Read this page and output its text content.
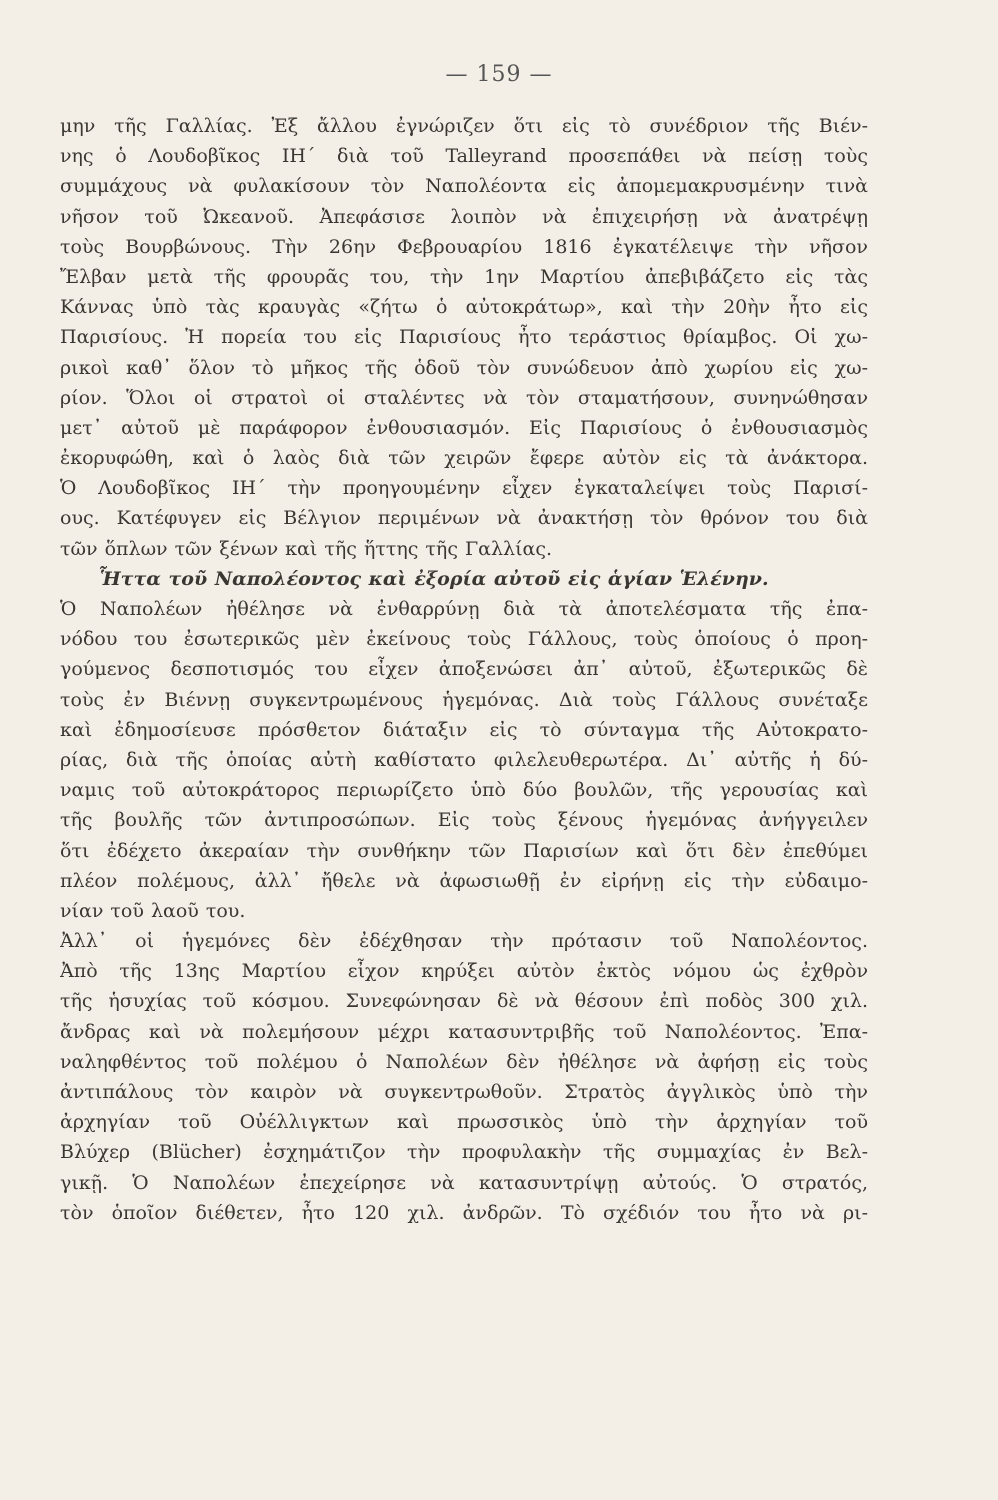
— 159 —
μην τῆς Γαλλίας. Ἐξ ἄλλου ἐγνώριζεν ὅτι εἰς τὸ συνέδριον τῆς Βιέν-
νης ὁ Λουδοβῖκος ΙΗ΄ διὰ τοῦ Talleyrand προσεπάθει νὰ πείσῃ τοὺς
συμμάχους νὰ φυλακίσουν τὸν Ναπολέοντα εἰς ἀπομεμακρυσμένην τινὰ
νῆσον τοῦ Ὠκεανοῦ. Ἀπεφάσισε λοιπὸν νὰ ἐπιχειρήσῃ νὰ ἀνατρέψῃ
τοὺς Βουρβώνους. Τὴν 26ην Φεβρουαρίου 1816 ἐγκατέλειψε τὴν νῆσον
Ἔλβαν μετὰ τῆς φρουρᾶς του, τὴν 1ην Μαρτίου ἀπεβιβάζετο εἰς τὰς
Κάννας ὑπὸ τὰς κραυγὰς «ζήτω ὁ αὐτοκράτωρ», καὶ τὴν 20ὴν ἦτο εἰς
Παρισίους. Ἡ πορεία του εἰς Παρισίους ἦτο τεράστιος θρίαμβος. Οἱ χω-
ρικοὶ καθ᾽ ὅλον τὸ μῆκος τῆς ὁδοῦ τὸν συνώδευον ἀπὸ χωρίου εἰς χω-
ρίον. Ὅλοι οἱ στρατοὶ οἱ σταλέντες νὰ τὸν σταματήσουν, συνηνώθησαν
μετ᾽ αὐτοῦ μὲ παράφορον ἐνθουσιασμόν. Εἰς Παρισίους ὁ ἐνθουσιασμὸς
ἐκορυφώθη, καὶ ὁ λαὸς διὰ τῶν χειρῶν ἔφερε αὐτὸν εἰς τὰ ἀνάκτορα.
Ὁ Λουδοβῖκος ΙΗ΄ τὴν προηγουμένην εἶχεν ἐγκαταλείψει τοὺς Παρισί-
ους. Κατέφυγεν εἰς Βέλγιον περιμένων νὰ ἀνακτήσῃ τὸν θρόνον του διὰ
τῶν ὅπλων τῶν ξένων καὶ τῆς ἥττης τῆς Γαλλίας.
Ἧττα τοῦ Ναπολέοντος καὶ ἐξορία αὐτοῦ εἰς ἁγίαν Ἑλένην.
Ὁ Ναπολέων ἠθέλησε νὰ ἐνθαρρύνῃ διὰ τὰ ἀποτελέσματα τῆς ἐπα-
νόδου του ἐσωτερικῶς μὲν ἐκείνους τοὺς Γάλλους, τοὺς ὁποίους ὁ προη-
γούμενος δεσποτισμός του εἶχεν ἀποξενώσει ἀπ᾽ αὐτοῦ, ἐξωτερικῶς δὲ
τοὺς ἐν Βιέννῃ συγκεντρωμένους ἡγεμόνας. Διὰ τοὺς Γάλλους συνέταξε
καὶ ἐδημοσίευσε πρόσθετον διάταξιν εἰς τὸ σύνταγμα τῆς Αὐτοκρατο-
ρίας, διὰ τῆς ὁποίας αὐτὴ καθίστατο φιλελευθερωτέρα. Δι᾽ αὐτῆς ἡ δύ-
ναμις τοῦ αὐτοκράτορος περιωρίζετο ὑπὸ δύο βουλῶν, τῆς γερουσίας καὶ
τῆς βουλῆς τῶν ἀντιπροσώπων. Εἰς τοὺς ξένους ἡγεμόνας ἀνήγγειλεν
ὅτι ἐδέχετο ἀκεραίαν τὴν συνθήκην τῶν Παρισίων καὶ ὅτι δὲν ἐπεθύμει
πλέον πολέμους, ἀλλ᾽ ἤθελε νὰ ἀφωσιωθῇ ἐν εἰρήνῃ εἰς τὴν εὐδαιμο-
νίαν τοῦ λαοῦ του.
Ἀλλ᾽ οἱ ἡγεμόνες δὲν ἐδέχθησαν τὴν πρότασιν τοῦ Ναπολέοντος.
Ἀπὸ τῆς 13ης Μαρτίου εἶχον κηρύξει αὐτὸν ἐκτὸς νόμου ὡς ἐχθρὸν
τῆς ἡσυχίας τοῦ κόσμου. Συνεφώνησαν δὲ νὰ θέσουν ἐπὶ ποδὸς 300 χιλ.
ἄνδρας καὶ νὰ πολεμήσουν μέχρι κατασυντριβῆς τοῦ Ναπολέοντος. Ἐπα-
ναληφθέντος τοῦ πολέμου ὁ Ναπολέων δὲν ἠθέλησε νὰ ἀφήσῃ εἰς τοὺς
ἀντιπάλους τὸν καιρὸν νὰ συγκεντρωθοῦν. Στρατὸς ἀγγλικὸς ὑπὸ τὴν
ἀρχηγίαν τοῦ Οὐέλλιγκτων καὶ πρωσσικὸς ὑπὸ τὴν ἀρχηγίαν τοῦ
Βλύχερ (Blücher) ἐσχημάτιζον τὴν προφυλακὴν τῆς συμμαχίας ἐν Βελ-
γικῇ. Ὁ Ναπολέων ἐπεχείρησε νὰ κατασυντρίψῃ αὐτούς. Ὁ στρατός,
τὸν ὁποῖον διέθετεν, ἦτο 120 χιλ. ἀνδρῶν. Τὸ σχέδιόν του ἦτο νὰ ρι-
